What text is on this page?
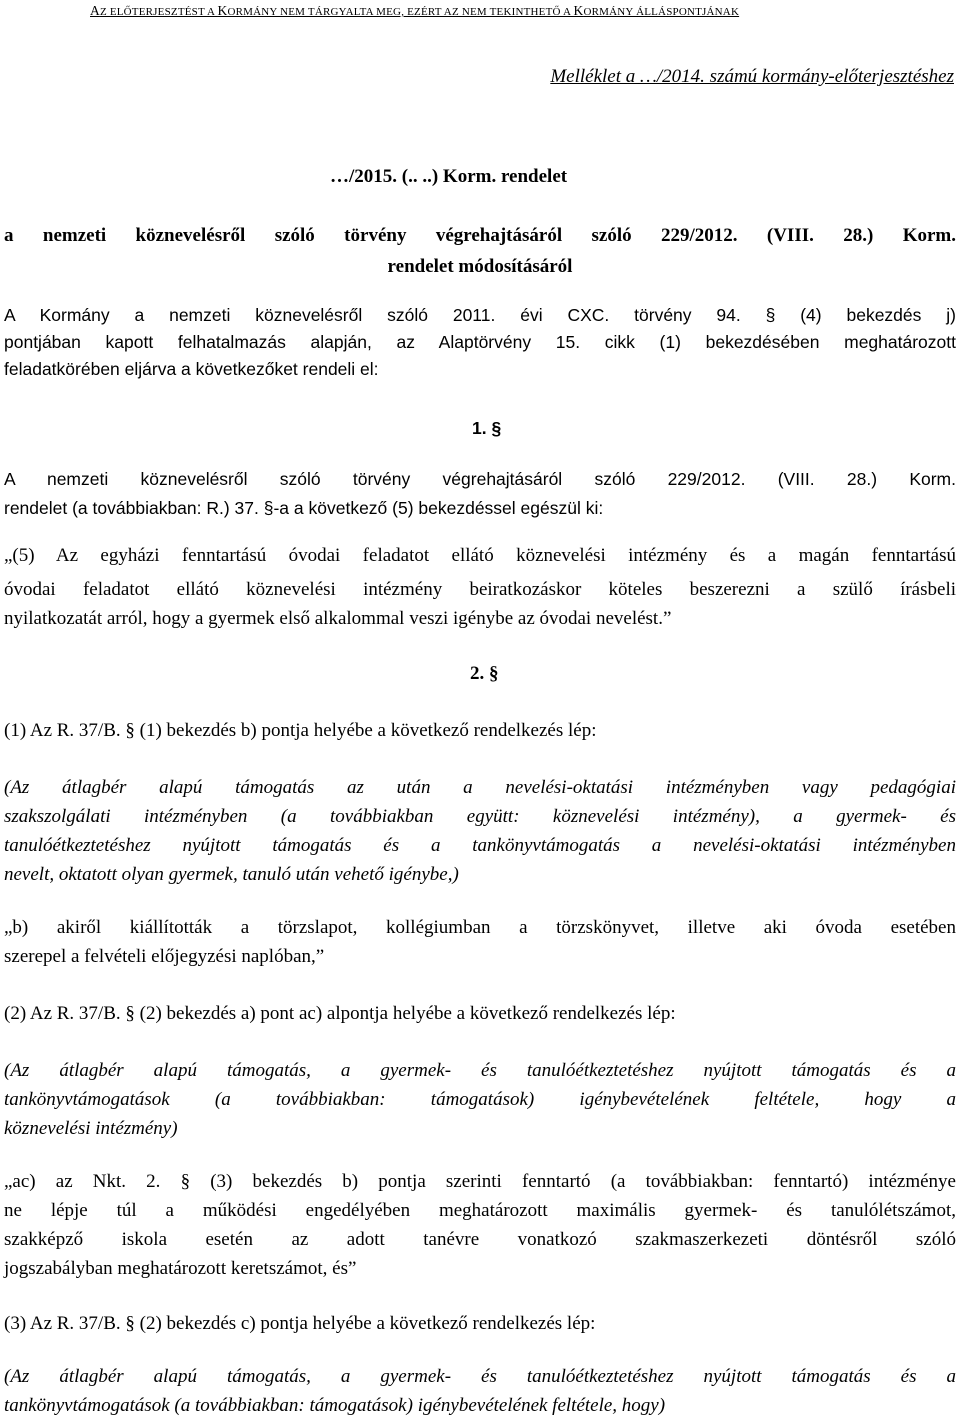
AZ ELŐTERJESZTÉST A KORMÁNY NEM TÁRGYALTA MEG, EZÉRT AZ NEM TEKINTHETŐ A KORMÁNY ÁLLÁSPONTJÁNAK
Melléklet a …/2014. számú kormány-előterjesztéshez
…/2015. (.. ..) Korm. rendelet
a nemzeti köznevelésről szóló törvény végrehajtásáról szóló 229/2012. (VIII. 28.) Korm.
rendelet módosításáról
A Kormány a nemzeti köznevelésről szóló 2011. évi CXC. törvény 94. § (4) bekezdés j)
pontjában kapott felhatalmazás alapján, az Alaptörvény 15. cikk (1) bekezdésében meghatározott
feladatkörében eljárva a következőket rendeli el:
1. §
A nemzeti köznevelésről szóló törvény végrehajtásáról szóló 229/2012. (VIII. 28.) Korm.
rendelet (a továbbiakban: R.) 37. §-a a következő (5) bekezdéssel egészül ki:
„(5) Az egyházi fenntartású óvodai feladatot ellátó köznevelési intézmény és a magán fenntartású
óvodai feladatot ellátó köznevelési intézmény beiratkozáskor köteles beszerezni a szülő írásbeli
nyilatkozatát arról, hogy a gyermek első alkalommal veszi igénybe az óvodai nevelést.”
2. §
(1) Az R. 37/B. § (1) bekezdés b) pontja helyébe a következő rendelkezés lép:
(Az átlagbér alapú támogatás az után a nevelési-oktatási intézményben vagy pedagógiai
szakszolgálati intézményben (a továbbiakban együtt: köznevelési intézmény), a gyermek- és
tanulóétkeztetéshez nyújtott támogatás és a tankönyvtámogatás a nevelési-oktatási intézményben
nevelt, oktatott olyan gyermek, tanuló után vehető igénybe,)
„b) akiről kiállították a törzslapot, kollégiumban a törzskönyvet, illetve aki óvoda esetében
szerepel a felvételi előjegyzési naplóban,”
(2) Az R. 37/B. § (2) bekezdés a) pont ac) alpontja helyébe a következő rendelkezés lép:
(Az átlagbér alapú támogatás, a gyermek- és tanulóétkeztetéshez nyújtott támogatás és a
tankönyvtámogatások (a továbbiakban: támogatások) igénybevételének feltétele, hogy a
köznevelési intézmény)
„ac) az Nkt. 2. § (3) bekezdés b) pontja szerinti fenntartó (a továbbiakban: fenntartó) intézménye
ne lépje túl a működési engedélyében meghatározott maximális gyermek- és tanulólétszámot,
szakképző iskola esetén az adott tanévre vonatkozó szakmaszerkezeti döntésről szóló
jogszabályban meghatározott keretszámot, és”
(3) Az R. 37/B. § (2) bekezdés c) pontja helyébe a következő rendelkezés lép:
(Az átlagbér alapú támogatás, a gyermek- és tanulóétkeztetéshez nyújtott támogatás és a
tankönyvtámogatások (a továbbiakban: támogatások) igénybevételének feltétele, hogy)
